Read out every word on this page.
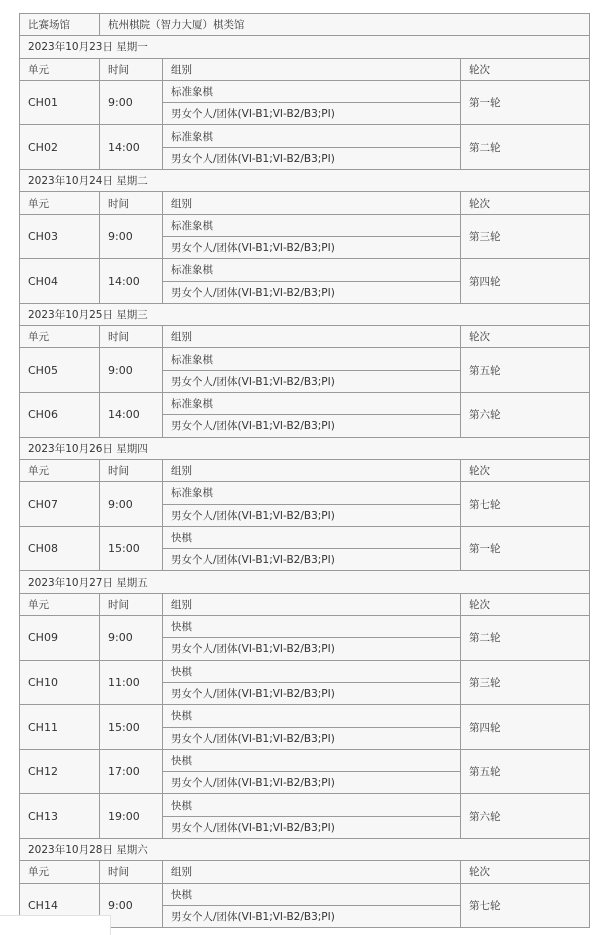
比赛场馆	杭州棋院（智力大厦）棋类馆		
2023年10月23日 星期一			
单元	时间	组别	轮次
CH01	9:00	标准象棋	第一轮
		男女个人/团体(VI-B1;VI-B2/B3;PI)	
CH02	14:00	标准象棋	第二轮
		男女个人/团体(VI-B1;VI-B2/B3;PI)	
2023年10月24日 星期二			
单元	时间	组别	轮次
CH03	9:00	标准象棋	第三轮
		男女个人/团体(VI-B1;VI-B2/B3;PI)	
CH04	14:00	标准象棋	第四轮
		男女个人/团体(VI-B1;VI-B2/B3;PI)	
2023年10月25日 星期三			
单元	时间	组别	轮次
CH05	9:00	标准象棋	第五轮
		男女个人/团体(VI-B1;VI-B2/B3;PI)	
CH06	14:00	标准象棋	第六轮
		男女个人/团体(VI-B1;VI-B2/B3;PI)	
2023年10月26日 星期四			
单元	时间	组别	轮次
CH07	9:00	标准象棋	第七轮
		男女个人/团体(VI-B1;VI-B2/B3;PI)	
CH08	15:00	快棋	第一轮
		男女个人/团体(VI-B1;VI-B2/B3;PI)	
2023年10月27日 星期五			
单元	时间	组别	轮次
CH09	9:00	快棋	第二轮
		男女个人/团体(VI-B1;VI-B2/B3;PI)	
CH10	11:00	快棋	第三轮
		男女个人/团体(VI-B1;VI-B2/B3;PI)	
CH11	15:00	快棋	第四轮
		男女个人/团体(VI-B1;VI-B2/B3;PI)	
CH12	17:00	快棋	第五轮
		男女个人/团体(VI-B1;VI-B2/B3;PI)	
CH13	19:00	快棋	第六轮
		男女个人/团体(VI-B1;VI-B2/B3;PI)	
2023年10月28日 星期六			
单元	时间	组别	轮次
CH14	9:00	快棋	第七轮
		男女个人/团体(VI-B1;VI-B2/B3;PI)	
